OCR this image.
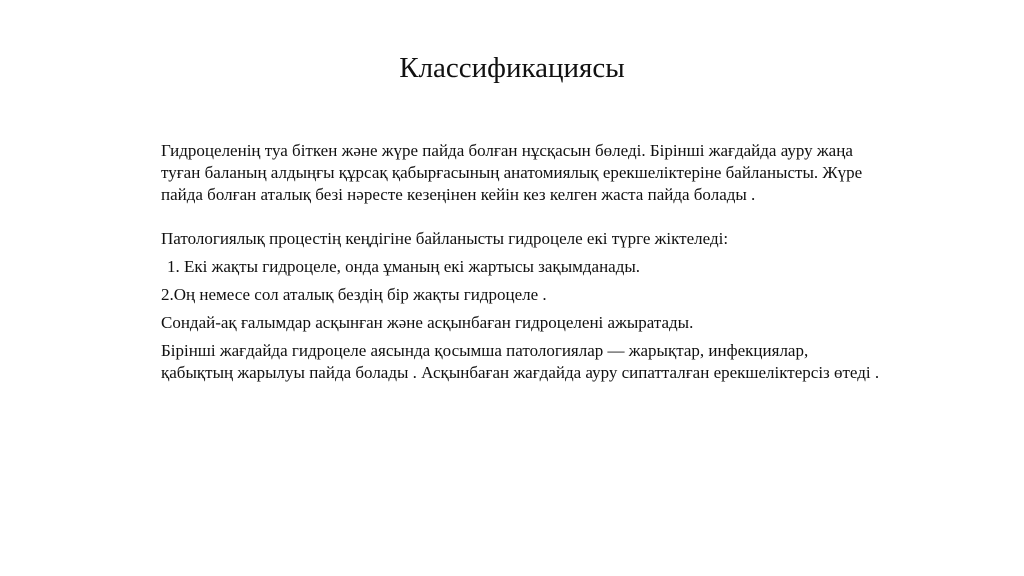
Классификациясы

Гидроцеленің туа біткен және жүре пайда болған нұсқасын бөледі. Бірінші жағдайда ауру жаңа туған баланың алдыңғы құрсақ қабырғасының анатомиялық ерекшеліктеріне байланысты. Жүре пайда болған аталық безі нәресте кезеңінен кейін кез келген жаста пайда болады .

Патологиялық процестің кеңдігіне байланысты гидроцеле екі түрге жіктеледі:

1. Екі жақты гидроцеле, онда ұманың екі жартысы зақымданады.

2.Оң немесе сол аталық бездің бір жақты гидроцеле .

Сондай-ақ ғалымдар асқынған және асқынбаған гидроцелені ажыратады.

Бірінші жағдайда гидроцеле аясында қосымша патологиялар — жарықтар, инфекциялар, қабықтың жарылуы пайда болады . Асқынбаған жағдайда ауру сипатталған ерекшеліктерсіз өтеді .
